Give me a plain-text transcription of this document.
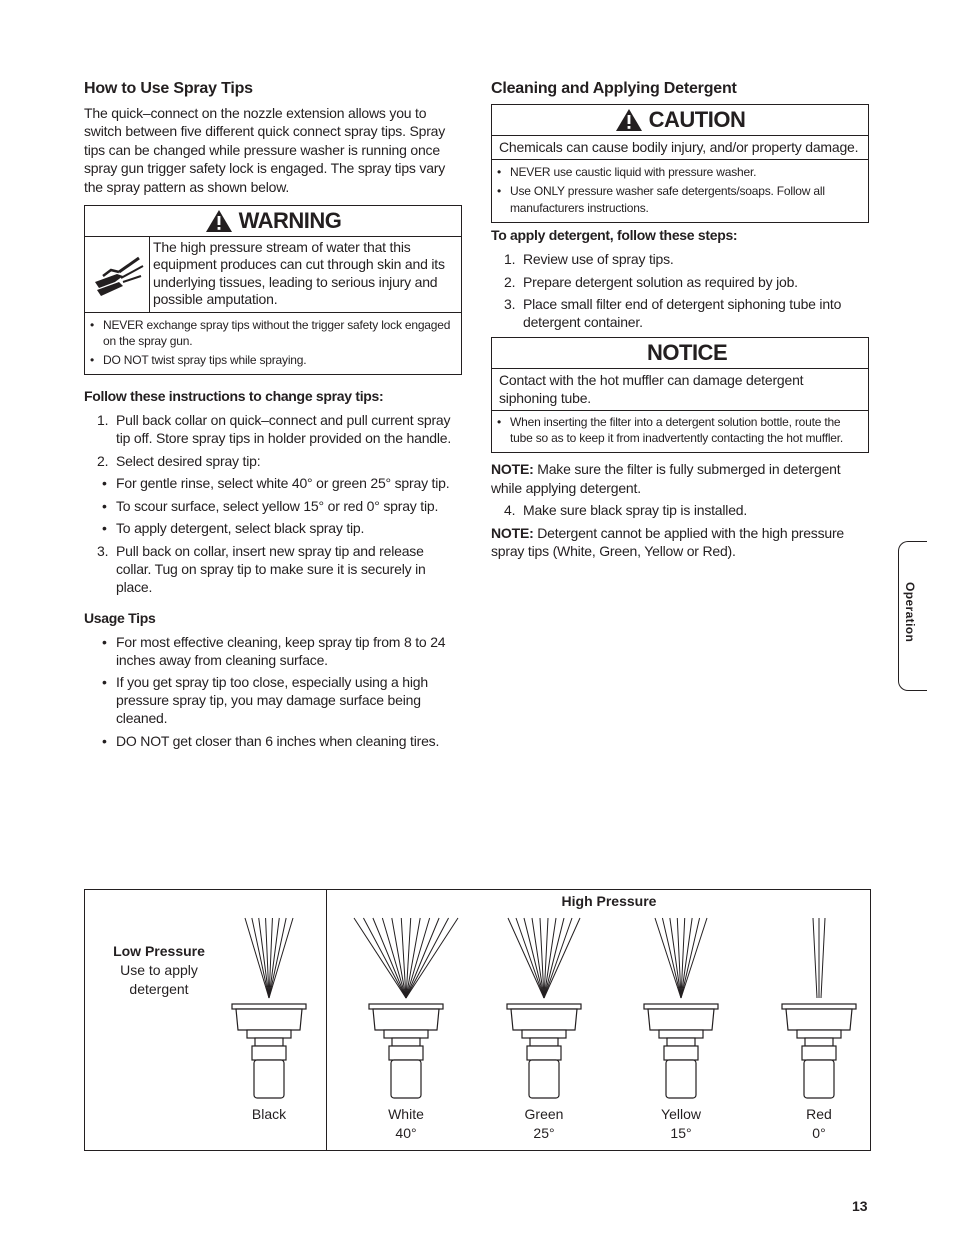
How to Use Spray Tips

The quick–connect on the nozzle extension allows you to switch between five different quick connect spray tips. Spray tips can be changed while pressure washer is running once spray gun trigger safety lock is engaged. The spray tips vary the spray pattern as shown below.

WARNING
The high pressure stream of water that this equipment produces can cut through skin and its underlying tissues, leading to serious injury and possible amputation.
• NEVER exchange spray tips without the trigger safety lock engaged on the spray gun.
• DO NOT twist spray tips while spraying.
Follow these instructions to change spray tips:
1. Pull back collar on quick–connect and pull current spray tip off. Store spray tips in holder provided on the handle.
2. Select desired spray tip:
• For gentle rinse, select white 40° or green 25° spray tip.
• To scour surface, select yellow 15° or red 0° spray tip.
• To apply detergent, select black spray tip.
3. Pull back on collar, insert new spray tip and release collar. Tug on spray tip to make sure it is securely in place.
Usage Tips
• For most effective cleaning, keep spray tip from 8 to 24 inches away from cleaning surface.
• If you get spray tip too close, especially using a high pressure spray tip, you may damage surface being cleaned.
• DO NOT get closer than 6 inches when cleaning tires.
Cleaning and Applying Detergent
CAUTION
Chemicals can cause bodily injury, and/or property damage.
• NEVER use caustic liquid with pressure washer.
• Use ONLY pressure washer safe detergents/soaps. Follow all manufacturers instructions.
To apply detergent, follow these steps:
1. Review use of spray tips.
2. Prepare detergent solution as required by job.
3. Place small filter end of detergent siphoning tube into detergent container.
NOTICE
Contact with the hot muffler can damage detergent siphoning tube.
• When inserting the filter into a detergent solution bottle, route the tube so as to keep it from inadvertently contacting the hot muffler.

NOTE: Make sure the filter is fully submerged in detergent while applying detergent.

4. Make sure black spray tip is installed.

NOTE: Detergent cannot be applied with the high pressure spray tips (White, Green, Yellow or Red).

Operation
Low Pressure
Use to apply
detergent
High Pressure
Black	White
40°
Green
25°
Yellow
15°
Red
0°
13
